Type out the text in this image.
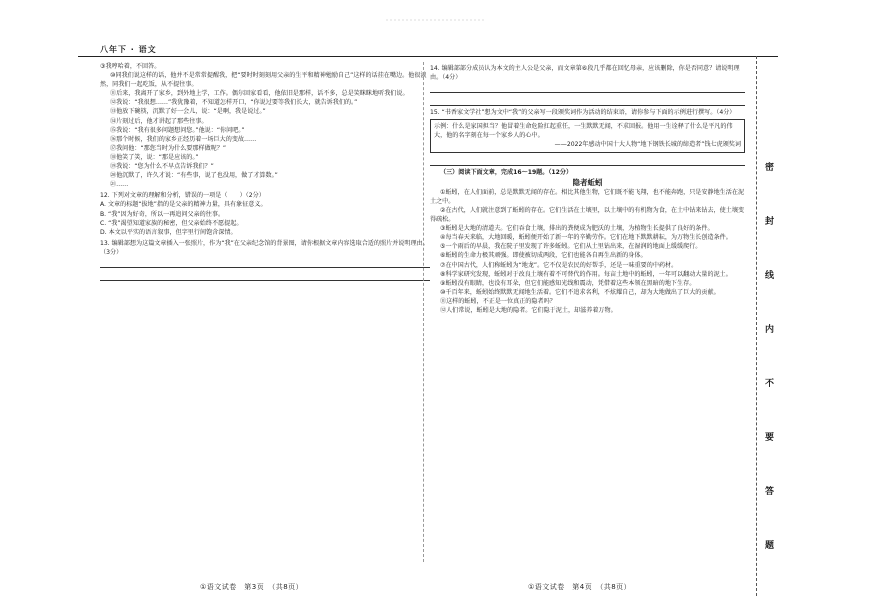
八年下 · 语文

③我哼哈着，不回答。

⑩同我们说这样的话，他并不是常常提醒我，把“要时时刻刻用父亲的生平和精神勉励自己”这样的话挂在嘴边。他很淡然，同我们一起吃饭，从不提往事。

⑪后来，我离开了家乡，到外地上学，工作。偶尔回家看看，他依旧是那样，话不多，总是笑眯眯地听我们说。

⑫我说：“我很想……”我犹豫着，不知道怎样开口，“你说过要等我们长大，就告诉我们的。”

⑬他放下碗筷，沉默了好一会儿，说：“是啊，我是说过。”

⑭片刻过后，他才讲起了那些往事。

⑮我说：“我有很多问题想问您。”他说：“你问吧。”

⑯那个时候，我们的家乡正经历着一场巨大的变故……

⑰我问他：“那您当时为什么要那样做呢？”

⑱他笑了笑，说：“那是应该的。”

⑲我说：“您为什么不早点告诉我们？”

⑳他沉默了，许久才说：“有些事，说了也没用，做了才算数。”

㉑……

12. 下列对文章的理解和分析，错误的一项是（　　）（2分）

A. 文章的标题“拔地”指的是父亲的精神力量，具有象征意义。

B. “我”因为好奇，所以一再追问父亲的往事。

C. “我”渴望知道家族的秘密，但父亲始终不愿提起。

D. 本文以平实的语言叙事，但字里行间饱含深情。

13. 编辑部想为这篇文章插入一张照片，作为“我”在父亲纪念馆的背景图，请你根据文章内容选取合适的照片并说明理由。（3分）

14. 编辑部部分成员认为本文的主人公是父亲，而文章第⑥段几乎都在回忆母亲，应该删除，你是否同意？请说明理由。（4分）

15. “书香家文学社”想为文中“我”的父亲写一段颁奖词作为活动的结束语，请你参与下面的示例进行撰写。（4分）

示例：什么是家国担当？他冒着生命危险扛起重任，一生默默无闻，不求回报。他用一生诠释了什么是平凡的伟大，他的名字刻在每一个家乡人的心中。

——2022年感动中国十大人物“地下钢铁长城的缔造者”钱七虎颁奖词

（三）阅读下面文章，完成16～19题。（12分）

隐者蚯蚓

①蚯蚓，在人们面前，总是默默无闻的存在。相比其他生物，它们既不能飞翔，也不能奔跑，只是安静地生活在泥土之中。

②在古代，人们就注意到了蚯蚓的存在。它们生活在土壤里，以土壤中的有机物为食，在土中钻来钻去，使土壤变得疏松。

③蚯蚓是大地的清道夫。它们吞食土壤，排出的粪便成为肥沃的土壤，为植物生长提供了良好的条件。

④每当春天来临，大地回暖，蚯蚓便开始了新一年的辛勤劳作。它们在地下默默耕耘，为万物生长创造条件。

⑤一个雨后的早晨，我在院子里发现了许多蚯蚓。它们从土里钻出来，在湿润的地面上缓缓爬行。

⑥蚯蚓的生命力极其顽强。即使被切成两段，它们也能各自再生出新的身体。

⑦在中国古代，人们称蚯蚓为“地龙”。它不仅是农民的好帮手，还是一味重要的中药材。

⑧科学家研究发现，蚯蚓对于改良土壤有着不可替代的作用。每亩土地中的蚯蚓，一年可以翻动大量的泥土。

⑨蚯蚓没有眼睛，也没有耳朵，但它们能感知光线和震动，凭借着这些本领在黑暗的地下生存。

⑩千百年来，蚯蚓始终默默无闻地生活着。它们不追求名利，不炫耀自己，却为大地做出了巨大的贡献。

⑪这样的蚯蚓，不正是一位真正的隐者吗？

⑫人们常说，蚯蚓是大地的隐者。它们隐于泥土，却滋养着万物。

密
封
线
内
不
要
答
题
①语文试卷　第3页　（共8页）	①语文试卷　第4页　（共8页）
